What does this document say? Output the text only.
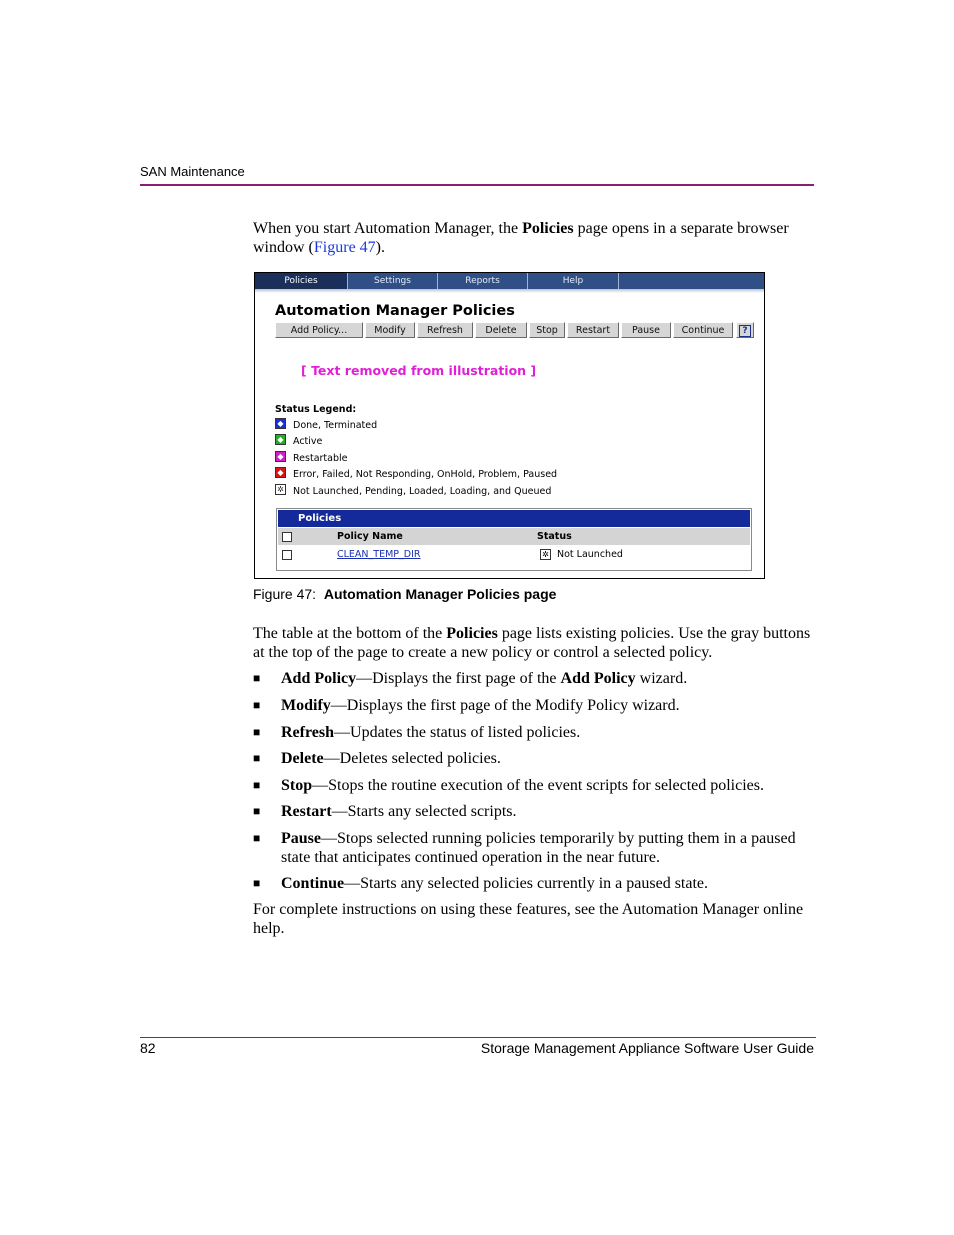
SAN Maintenance

When you start Automation Manager, the Policies page opens in a separate browser window (Figure 47).

Policies	Settings	Reports	Help
Automation Manager Policies
Add Policy...	Modify	Refresh	Delete	Stop	Restart	Pause	Continue	?
[ Text removed from illustration ]
Status Legend:
◆ Done, Terminated
◆ Active
◆ Restartable
◆ Error, Failed, Not Responding, OnHold, Problem, Paused
✲ Not Launched, Pending, Loaded, Loading, and Queued
Policies
Policy Name	Status
CLEAN_TEMP_DIR	✲ Not Launched
Figure 47: Automation Manager Policies page

The table at the bottom of the Policies page lists existing policies. Use the gray buttons at the top of the page to create a new policy or control a selected policy.

■ Add Policy—Displays the first page of the Add Policy wizard.
■ Modify—Displays the first page of the Modify Policy wizard.
■ Refresh—Updates the status of listed policies.
■ Delete—Deletes selected policies.
■ Stop—Stops the routine execution of the event scripts for selected policies.
■ Restart—Starts any selected scripts.
■ Pause—Stops selected running policies temporarily by putting them in a paused state that anticipates continued operation in the near future.
■ Continue—Starts any selected policies currently in a paused state.

For complete instructions on using these features, see the Automation Manager online help.

82	Storage Management Appliance Software User Guide
